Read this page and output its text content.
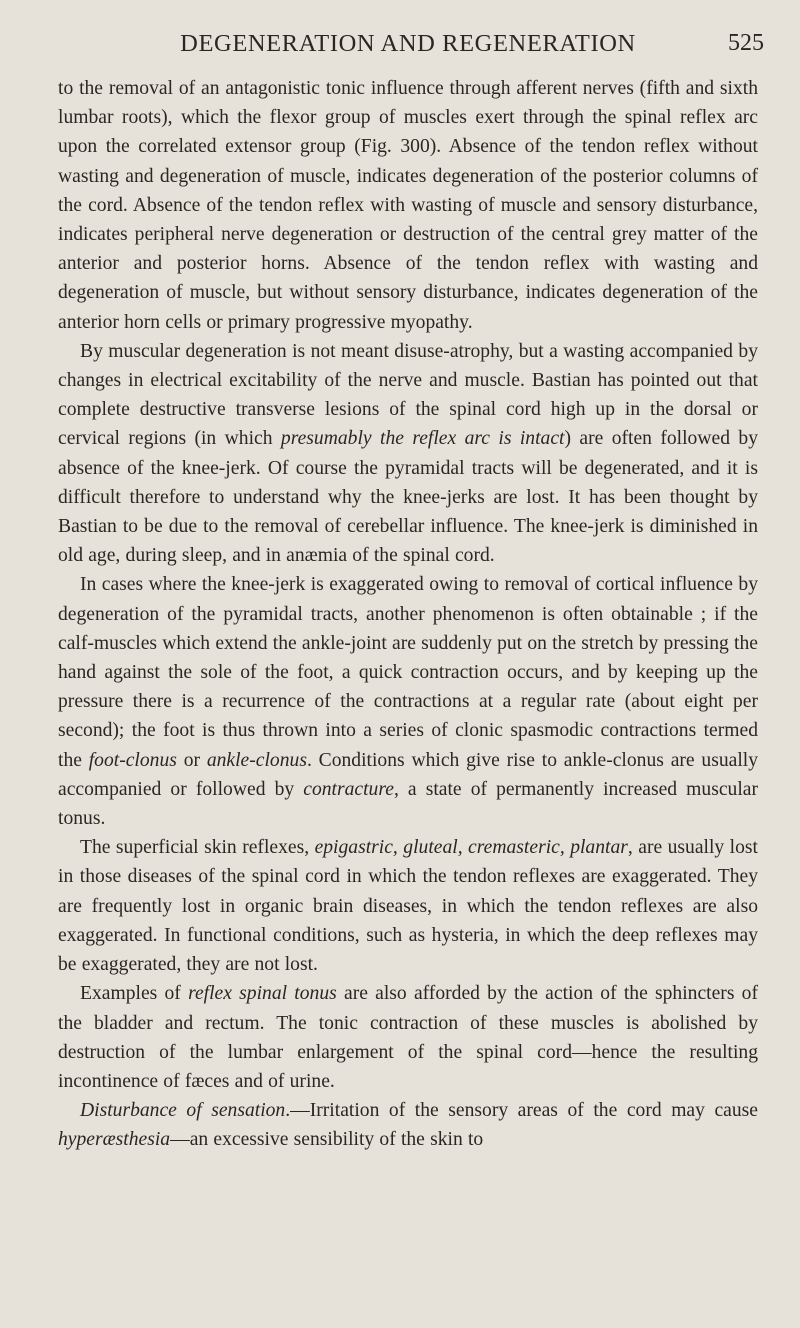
DEGENERATION AND REGENERATION	525

to the removal of an antagonistic tonic influence through afferent nerves (fifth and sixth lumbar roots), which the flexor group of muscles exert through the spinal reflex arc upon the correlated extensor group (Fig. 300). Absence of the tendon reflex without wasting and degeneration of muscle, indicates degeneration of the posterior columns of the cord. Absence of the tendon reflex with wasting of muscle and sensory disturbance, indicates peripheral nerve degeneration or destruction of the central grey matter of the anterior and posterior horns. Absence of the tendon reflex with wasting and degeneration of muscle, but without sensory disturbance, indicates degeneration of the anterior horn cells or primary progressive myopathy.

By muscular degeneration is not meant disuse-atrophy, but a wasting accompanied by changes in electrical excitability of the nerve and muscle. Bastian has pointed out that complete destructive transverse lesions of the spinal cord high up in the dorsal or cervical regions (in which presumably the reflex arc is intact) are often followed by absence of the knee-jerk. Of course the pyramidal tracts will be degenerated, and it is difficult therefore to understand why the knee-jerks are lost. It has been thought by Bastian to be due to the removal of cerebellar influence. The knee-jerk is diminished in old age, during sleep, and in anæmia of the spinal cord.

In cases where the knee-jerk is exaggerated owing to removal of cortical influence by degeneration of the pyramidal tracts, another phenomenon is often obtainable ; if the calf-muscles which extend the ankle-joint are suddenly put on the stretch by pressing the hand against the sole of the foot, a quick contraction occurs, and by keeping up the pressure there is a recurrence of the contractions at a regular rate (about eight per second); the foot is thus thrown into a series of clonic spasmodic contractions termed the foot-clonus or ankle-clonus. Conditions which give rise to ankle-clonus are usually accompanied or followed by contracture, a state of permanently increased muscular tonus.

The superficial skin reflexes, epigastric, gluteal, cremasteric, plantar, are usually lost in those diseases of the spinal cord in which the tendon reflexes are exaggerated. They are frequently lost in organic brain diseases, in which the tendon reflexes are also exaggerated. In functional conditions, such as hysteria, in which the deep reflexes may be exaggerated, they are not lost.

Examples of reflex spinal tonus are also afforded by the action of the sphincters of the bladder and rectum. The tonic contraction of these muscles is abolished by destruction of the lumbar enlargement of the spinal cord—hence the resulting incontinence of fæces and of urine.

Disturbance of sensation.—Irritation of the sensory areas of the cord may cause hyperæsthesia—an excessive sensibility of the skin to
